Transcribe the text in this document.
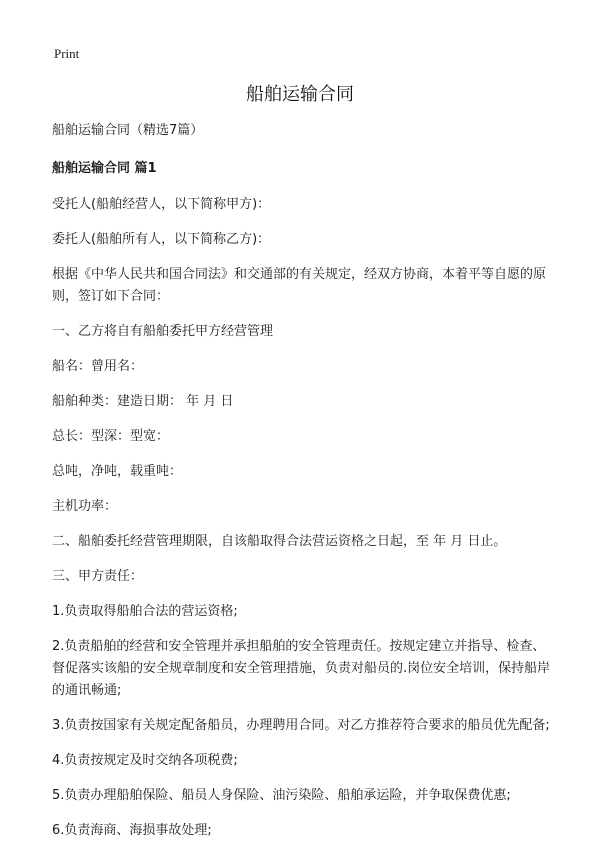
Print
船舶运输合同

船舶运输合同（精选7篇）

船舶运输合同 篇1

受托人(船舶经营人，以下简称甲方)：

委托人(船舶所有人，以下简称乙方)：

根据《中华人民共和国合同法》和交通部的有关规定，经双方协商，本着平等自愿的原则，签订如下合同：

一、乙方将自有船舶委托甲方经营管理

船名：曾用名：

船舶种类：建造日期： 年 月 日

总长：型深：型宽：

总吨，净吨，载重吨：

主机功率：

二、船舶委托经营管理期限，自该船取得合法营运资格之日起，至 年 月 日止。

三、甲方责任：

1.负责取得船舶合法的营运资格;

2.负责船舶的经营和安全管理并承担船舶的安全管理责任。按规定建立并指导、检查、督促落实该船的安全规章制度和安全管理措施，负责对船员的.岗位安全培训，保持船岸的通讯畅通;

3.负责按国家有关规定配备船员，办理聘用合同。对乙方推荐符合要求的船员优先配备;

4.负责按规定及时交纳各项税费;

5.负责办理船舶保险、船员人身保险、油污染险、船舶承运险，并争取保费优惠;

6.负责海商、海损事故处理;
